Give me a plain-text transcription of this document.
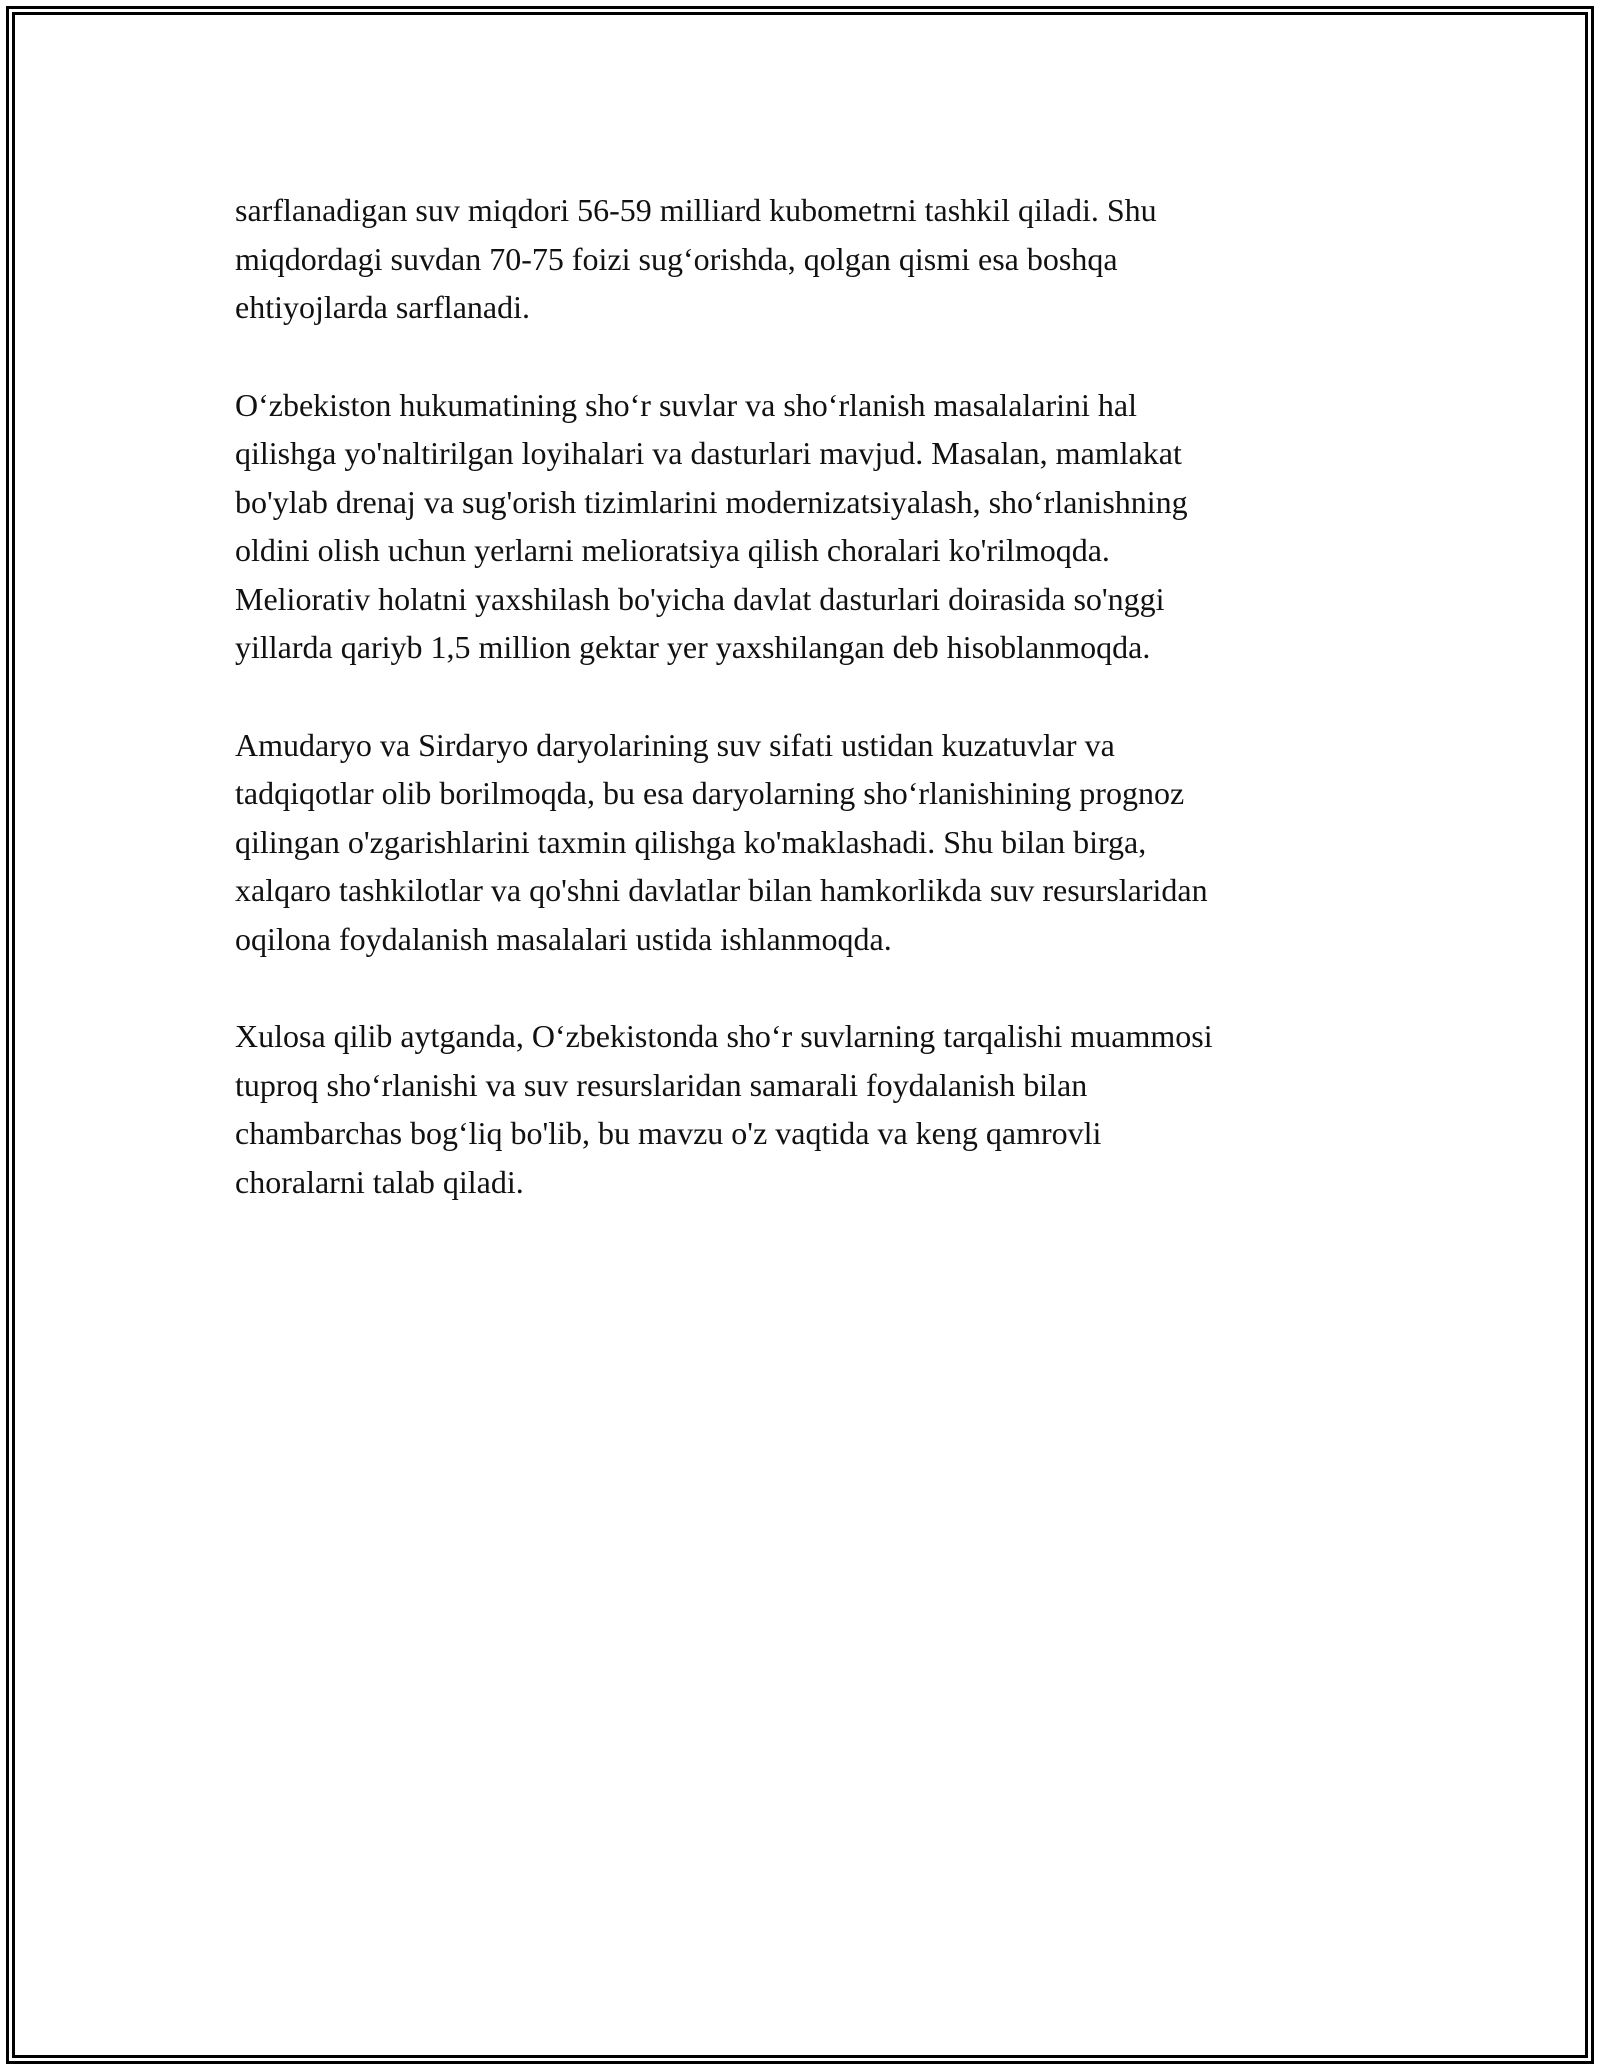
sarflanadigan suv miqdori 56-59 milliard kubometrni tashkil qiladi. Shu
miqdordagi suvdan 70-75 foizi sug‘orishda, qolgan qismi esa boshqa
ehtiyojlarda sarflanadi.

O‘zbekiston hukumatining sho‘r suvlar va sho‘rlanish masalalarini hal
qilishga yo'naltirilgan loyihalari va dasturlari mavjud. Masalan, mamlakat
bo'ylab drenaj va sug'orish tizimlarini modernizatsiyalash, sho‘rlanishning
oldini olish uchun yerlarni melioratsiya qilish choralari ko'rilmoqda.
Meliorativ holatni yaxshilash bo'yicha davlat dasturlari doirasida so'nggi
yillarda qariyb 1,5 million gektar yer yaxshilangan deb hisoblanmoqda.

Amudaryo va Sirdaryo daryolarining suv sifati ustidan kuzatuvlar va
tadqiqotlar olib borilmoqda, bu esa daryolarning sho‘rlanishining prognoz
qilingan o'zgarishlarini taxmin qilishga ko'maklashadi. Shu bilan birga,
xalqaro tashkilotlar va qo'shni davlatlar bilan hamkorlikda suv resurslaridan
oqilona foydalanish masalalari ustida ishlanmoqda.

Xulosa qilib aytganda, O‘zbekistonda sho‘r suvlarning tarqalishi muammosi
tuproq sho‘rlanishi va suv resurslaridan samarali foydalanish bilan
chambarchas bog‘liq bo'lib, bu mavzu o'z vaqtida va keng qamrovli
choralarni talab qiladi.
